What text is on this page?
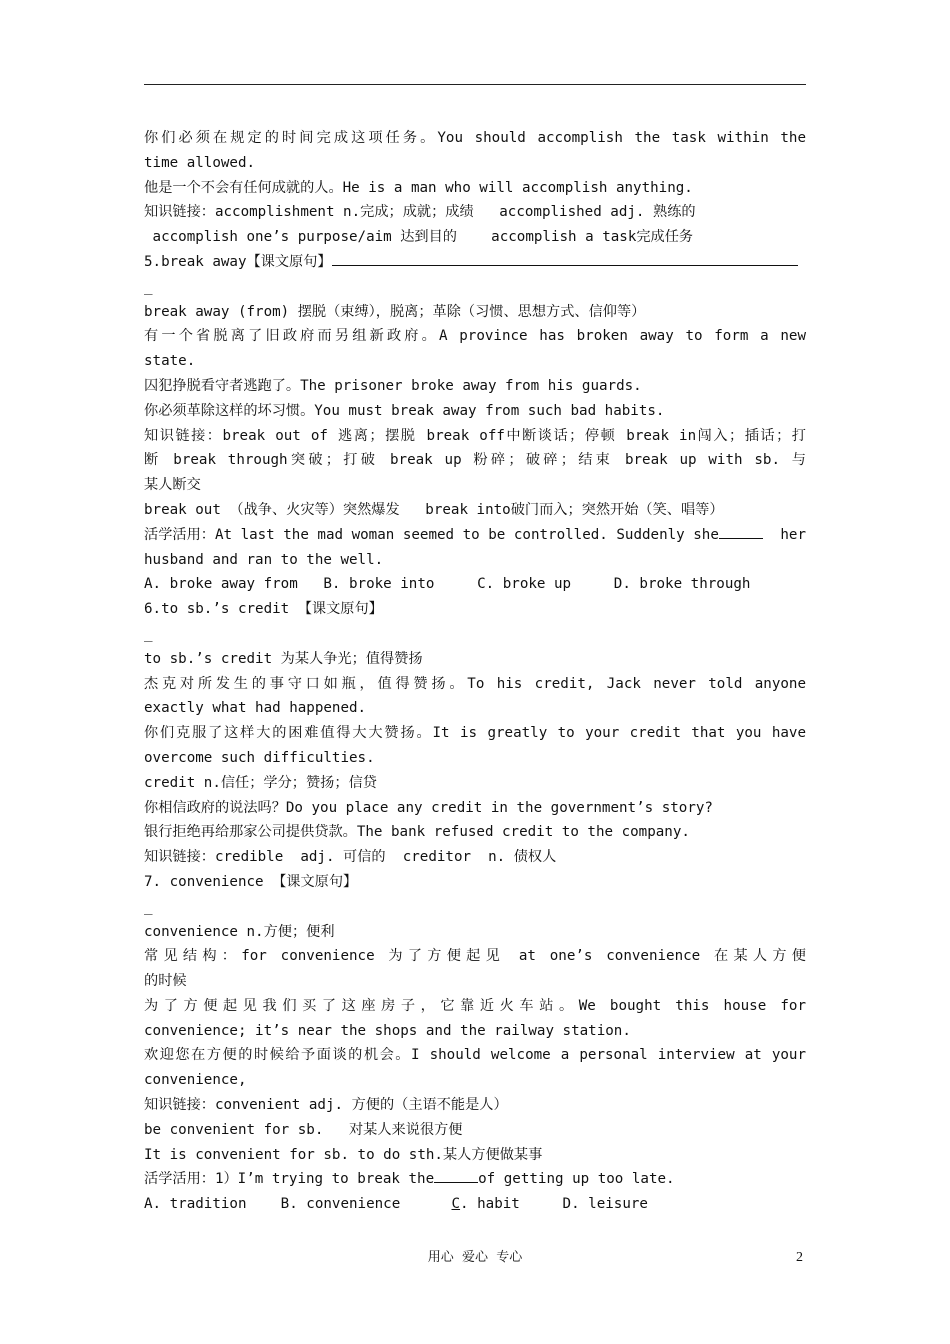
你们必须在规定的时间完成这项任务。You should accomplish the task within the
time allowed.
他是一个不会有任何成就的人。He is a man who will accomplish anything.
知识链接：accomplishment n.完成；成就；成绩   accomplished adj. 熟练的
accomplish one’s purpose/aim 达到目的    accomplish a task完成任务
5.break away【课文原句】
_
break away (from) 摆脱（束缚），脱离；革除（习惯、思想方式、信仰等）
有一个省脱离了旧政府而另组新政府。A province has broken away to form a new
state.
囚犯挣脱看守者逃跑了。The prisoner broke away from his guards.
你必须革除这样的坏习惯。You must break away from such bad habits.
知识链接：break out of 逃离；摆脱 break off中断谈话；停顿 break in闯入；插话；打
断 break through突破；打破 break up 粉碎；破碎；结束 break up with sb. 与
某人断交
break out （战争、火灾等）突然爆发   break into破门而入；突然开始（笑、唱等）
活学活用：At last the mad woman seemed to be controlled. Suddenly she	her
husband and ran to the well.
A. broke away from   B. broke into     C. broke up     D. broke through
6.to sb.’s credit 【课文原句】
_
to sb.’s credit 为某人争光；值得赞扬
杰克对所发生的事守口如瓶，值得赞扬。To his credit, Jack never told anyone
exactly what had happened.
你们克服了这样大的困难值得大大赞扬。It is greatly to your credit that you have
overcome such difficulties.
credit n.信任；学分；赞扬；信贷
你相信政府的说法吗？Do you place any credit in the government’s story?
银行拒绝再给那家公司提供贷款。The bank refused credit to the company.
知识链接：credible  adj. 可信的  creditor  n. 债权人
7. convenience 【课文原句】
_
convenience n.方便；便利
常见结构：for convenience 为了方便起见 at one’s convenience 在某人方便
的时候
为了方便起见我们买了这座房子，它靠近火车站。We bought this house for
convenience; it’s near the shops and the railway station.
欢迎您在方便的时候给予面谈的机会。I should welcome a personal interview at your
convenience,
知识链接：convenient adj. 方便的（主语不能是人）
be convenient for sb.   对某人来说很方便
It is convenient for sb. to do sth.某人方便做某事
活学活用：1）I’m trying to break the	of getting up too late.
A. tradition    B. convenience      C. habit     D. leisure
用心  爱心  专心	2
